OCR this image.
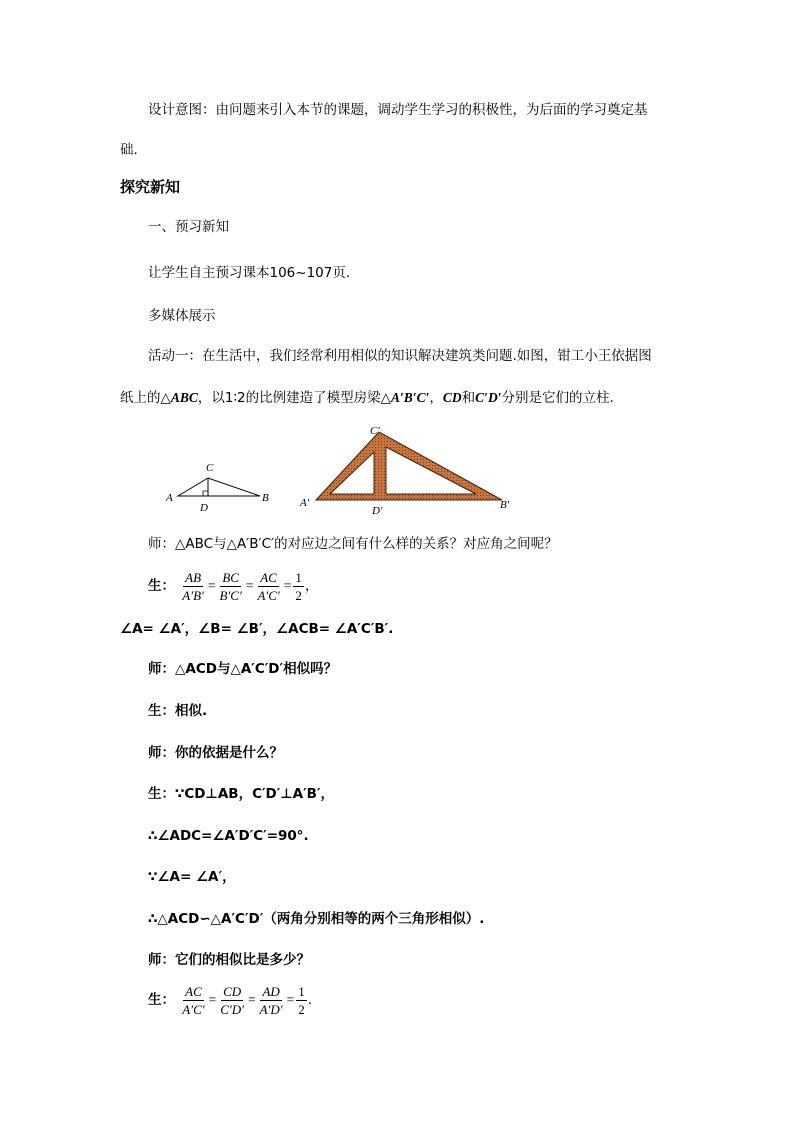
设计意图：由问题来引入本节的课题，调动学生学习的积极性，为后面的学习奠定基
础.
探究新知
一、预习新知
让学生自主预习课本106~107页.
多媒体展示
活动一：在生活中，我们经常利用相似的知识解决建筑类问题.如图，钳工小王依据图
纸上的△ABC，以1∶2的比例建造了模型房梁△A′B′C′，CD和C′D′分别是它们的立柱.
A	B
C
D	A′	B′
C′
D′
师：△ABC与△A′B′C′的对应边之间有什么样的关系？对应角之间呢？
生： $\frac{AB}{A'B'} = \frac{BC}{B'C'} = \frac{AC}{A'C'} = \frac{1}{2}$ ，
∠A= ∠A′，∠B= ∠B′，∠ACB= ∠A′C′B′.
师：△ACD与△A′C′D′相似吗？
生：相似.
师：你的依据是什么？
生：∵CD⊥AB，C′D′⊥A′B′，
∴∠ADC=∠A′D′C′=90°.
∵∠A= ∠A′，
∴△ACD∽△A′C′D′（两角分别相等的两个三角形相似）.
师：它们的相似比是多少？
生： $\frac{AC}{A'C'} = \frac{CD}{C'D'} = \frac{AD}{A'D'} = \frac{1}{2}$ .
